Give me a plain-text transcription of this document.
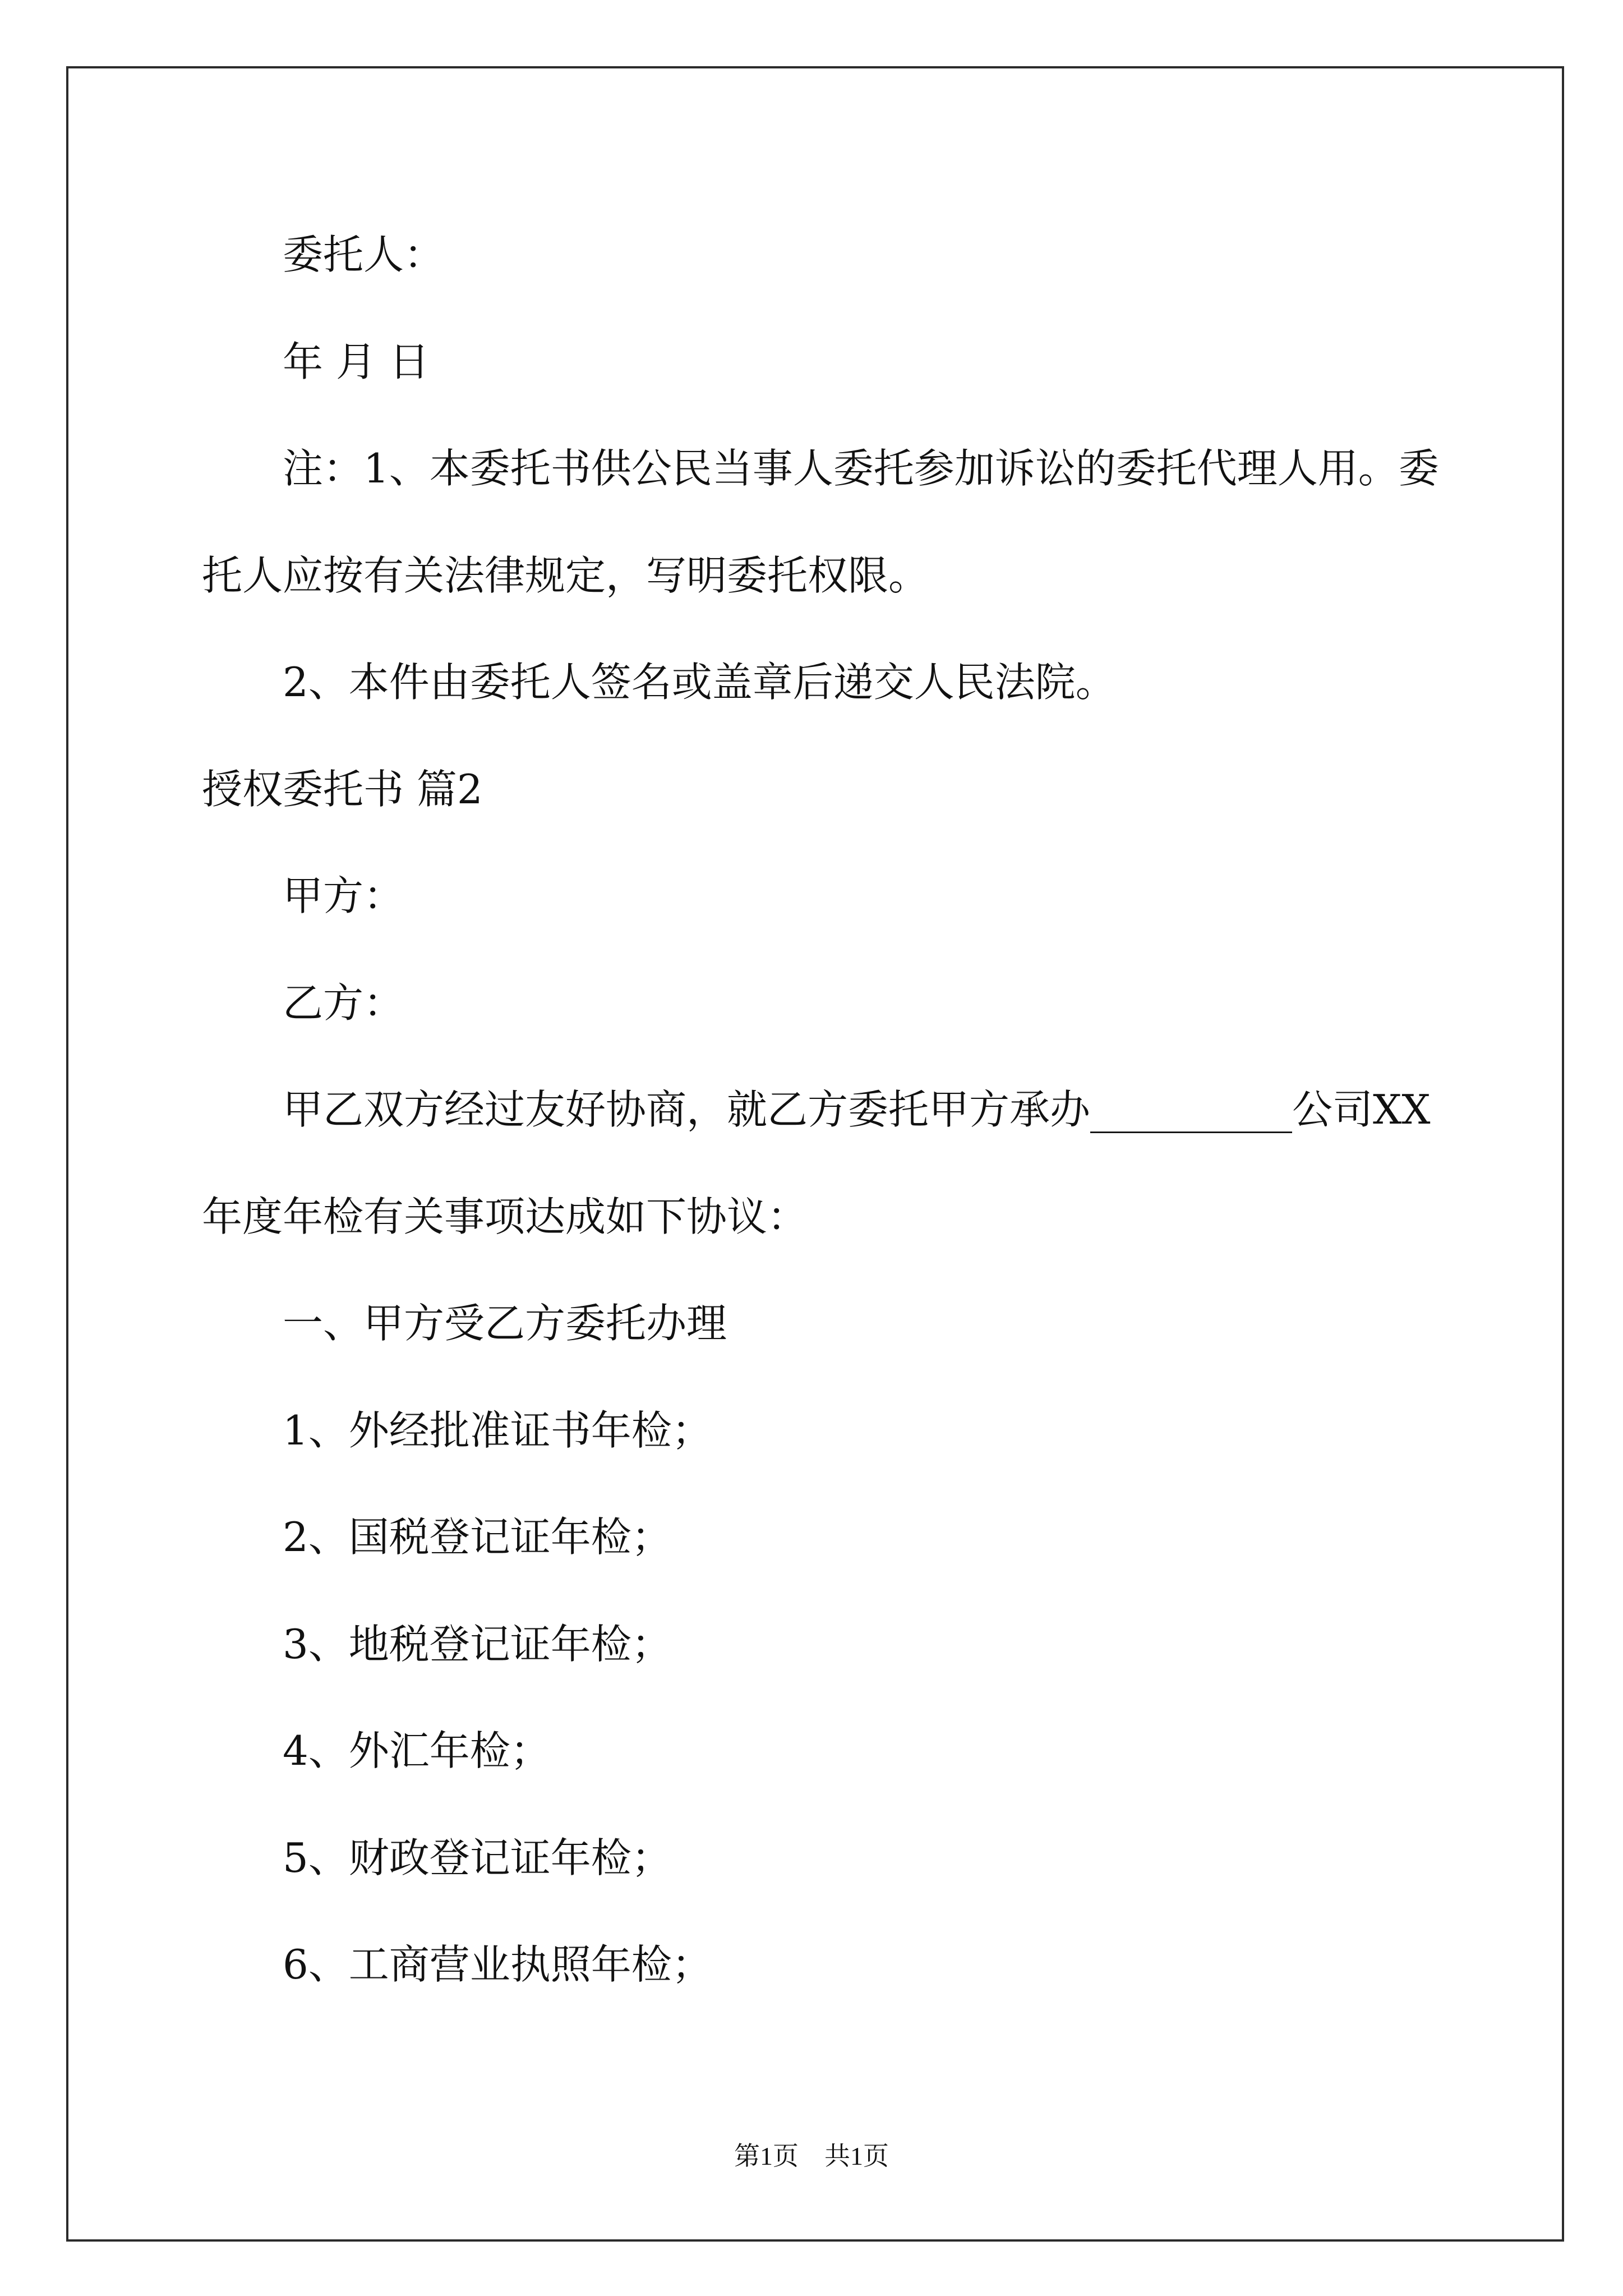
委托人：
年 月 日
注：1、本委托书供公民当事人委托参加诉讼的委托代理人用。委
托人应按有关法律规定，写明委托权限。
2、本件由委托人签名或盖章后递交人民法院。
授权委托书 篇2
甲方：
乙方：
甲乙双方经过友好协商，就乙方委托甲方承办__________公司XX
年度年检有关事项达成如下协议：
一、甲方受乙方委托办理
1、外经批准证书年检；
2、国税登记证年检；
3、地税登记证年检；
4、外汇年检；
5、财政登记证年检；
6、工商营业执照年检；
第1页 共1页
